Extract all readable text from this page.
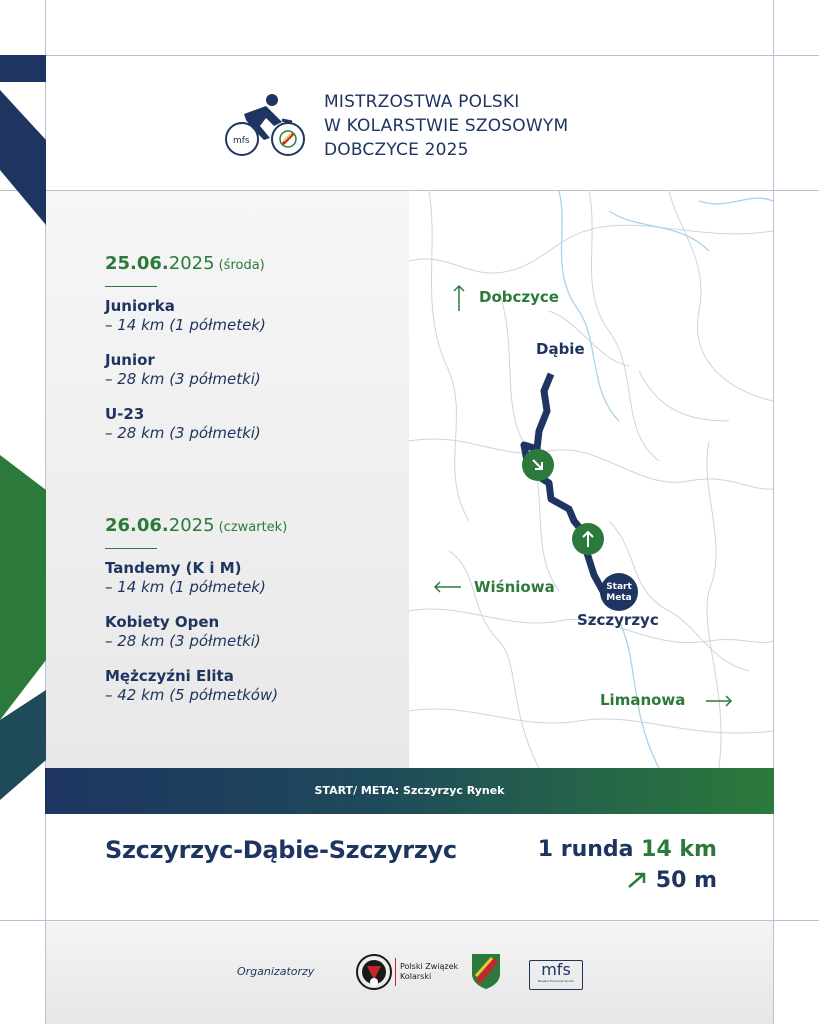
mfs
MISTRZOSTWA POLSKI
W KOLARSTWIE SZOSOWYM
DOBCZYCE 2025
25.06.2025 (środa)
Juniorka
– 14 km (1 półmetek)
Junior
– 28 km (3 półmetki)
U-23
– 28 km (3 półmetki)
26.06.2025 (czwartek)
Tandemy (K i M)
– 14 km (1 półmetek)
Kobiety Open
– 28 km (3 półmetki)
Mężczyźni Elita
– 42 km (5 półmetków)
Start
Meta
Dobczyce
Dąbie
Wiśniowa
Szczyrzyc
Limanowa
START/ META: Szczyrzyc Rynek
Szczyrzyc-Dąbie-Szczyrzyc	1 runda 14 km
50 m
Organizatorzy	Polski Związek
Kolarski	mfs
Miejska Fundacja Sportu
